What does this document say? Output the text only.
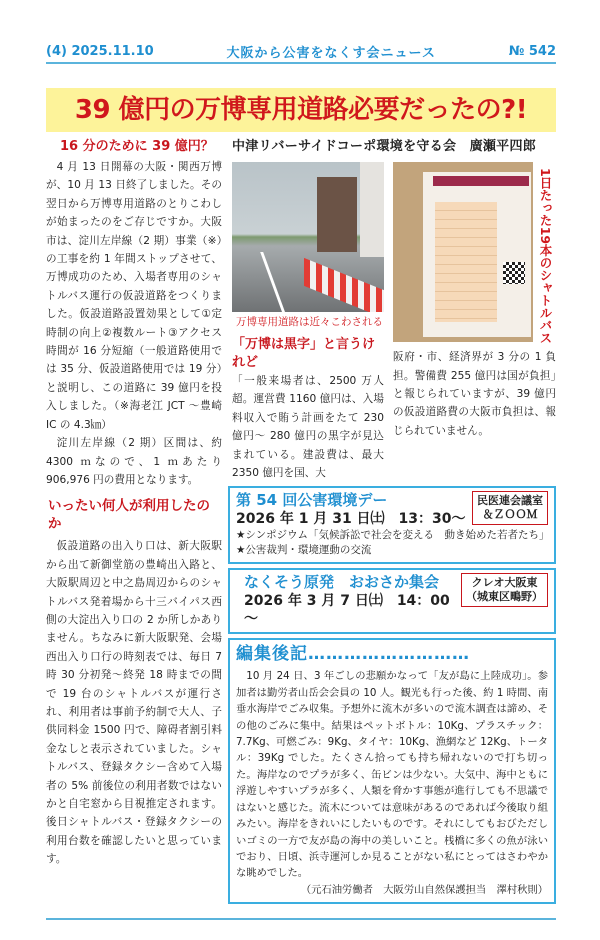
(4) 2025.11.10	大阪から公害をなくす会ニュース	№ 542
39 億円の万博専用道路必要だったの?!
16 分のために 39 億円？

4 月 13 日開幕の大阪・関西万博が、10 月 13 日終了しました。その翌日から万博専用道路のとりこわしが始まったのをご存じですか。大阪市は、淀川左岸線（2 期）事業（※）の工事を約 1 年間ストップさせて、万博成功のため、入場者専用のシャトルバス運行の仮設道路をつくりました。仮設道路設置効果として①定時制の向上②複数ルート③アクセス時間が 16 分短縮（一般道路使用では 35 分、仮設道路使用では 19 分）と説明し、この道路に 39 億円を投入しました。（※海老江 JCT ～豊崎 IC の 4.3㎞）

淀川左岸線（2 期）区間は、約 4300 ｍなので、1 ｍあたり 906,976 円の費用となります。

いったい何人が利用したのか

仮設道路の出入り口は、新大阪駅から出て新御堂筋の豊崎出入路と、大阪駅周辺と中之島周辺からのシャトルバス発着場から十三バイパス西側の大淀出入り口の 2 か所しかありません。ちなみに新大阪駅発、会場西出入り口行の時刻表では、毎日 7 時 30 分初発～終発 18 時までの間で 19 台のシャトルバスが運行され、利用者は事前予約制で大人、子供同料金 1500 円で、障碍者割引料金なしと表示されていました。シャトルバス、登録タクシー含めて入場者の 5% 前後位の利用者数ではないかと自宅窓から目視推定されます。後日シャトルバス・登録タクシーの利用台数を確認したいと思っています。

中津リバーサイドコーポ環境を守る会　廣瀬平四郎
万博専用道路は近々こわされる
「万博は黒字」と言うけれど
「一般来場者は、2500 万人超。運営費 1160 億円は、入場料収入で賄う計画をたて 230 億円～ 280 億円の黒字が見込まれている。建設費は、最大 2350 億円を国、大
1日たった19本のシャトルバス
阪府・市、経済界が 3 分の 1 負担。警備費 255 億円は国が負担」と報じられていますが、39 億円の仮設道路費の大阪市負担は、報じられていません。
第 54 回公害環境デー
2026 年 1 月 31 日㈯　13：30～
民医連会議室
＆ＺＯＯＭ
★シンポジウム「気候訴訟で社会を変える　動き始めた若者たち」
★公害裁判・環境運動の交流
なくそう原発　おおさか集会
2026 年 3 月 7 日㈯　14：00～
クレオ大阪東
（城東区鴫野）
編集後記………………………
10 月 24 日、3 年ごしの悲願かなって「友が島に上陸成功」。参加者は勤労者山岳会会員の 10 人。観光も行った後、約 1 時間、南垂水海岸でごみ収集。予想外に流木が多いので流木調査は諦め、その他のごみに集中。結果はペットボトル：10Kg、プラスチック：7.7Kg、可燃ごみ：9Kg、タイヤ：10Kg、漁網など 12Kg、トータル：39Kg でした。たくさん拾っても持ち帰れないので打ち切った。海岸なのでプラが多く、缶ビンは少ない。大気中、海中ともに浮遊しやすいプラが多く、人類を脅かす事態が進行しても不思議ではないと感じた。流木については意味があるのであれば今後取り組みたい。海岸をきれいにしたいものです。それにしてもおびただしいゴミの一方で友が島の海中の美しいこと。桟橋に多くの魚が泳いでおり、日頃、浜寺運河しか見ることがない私にとってはさわやかな眺めでした。
（元石油労働者　大阪労山自然保護担当　澤村秋則）
